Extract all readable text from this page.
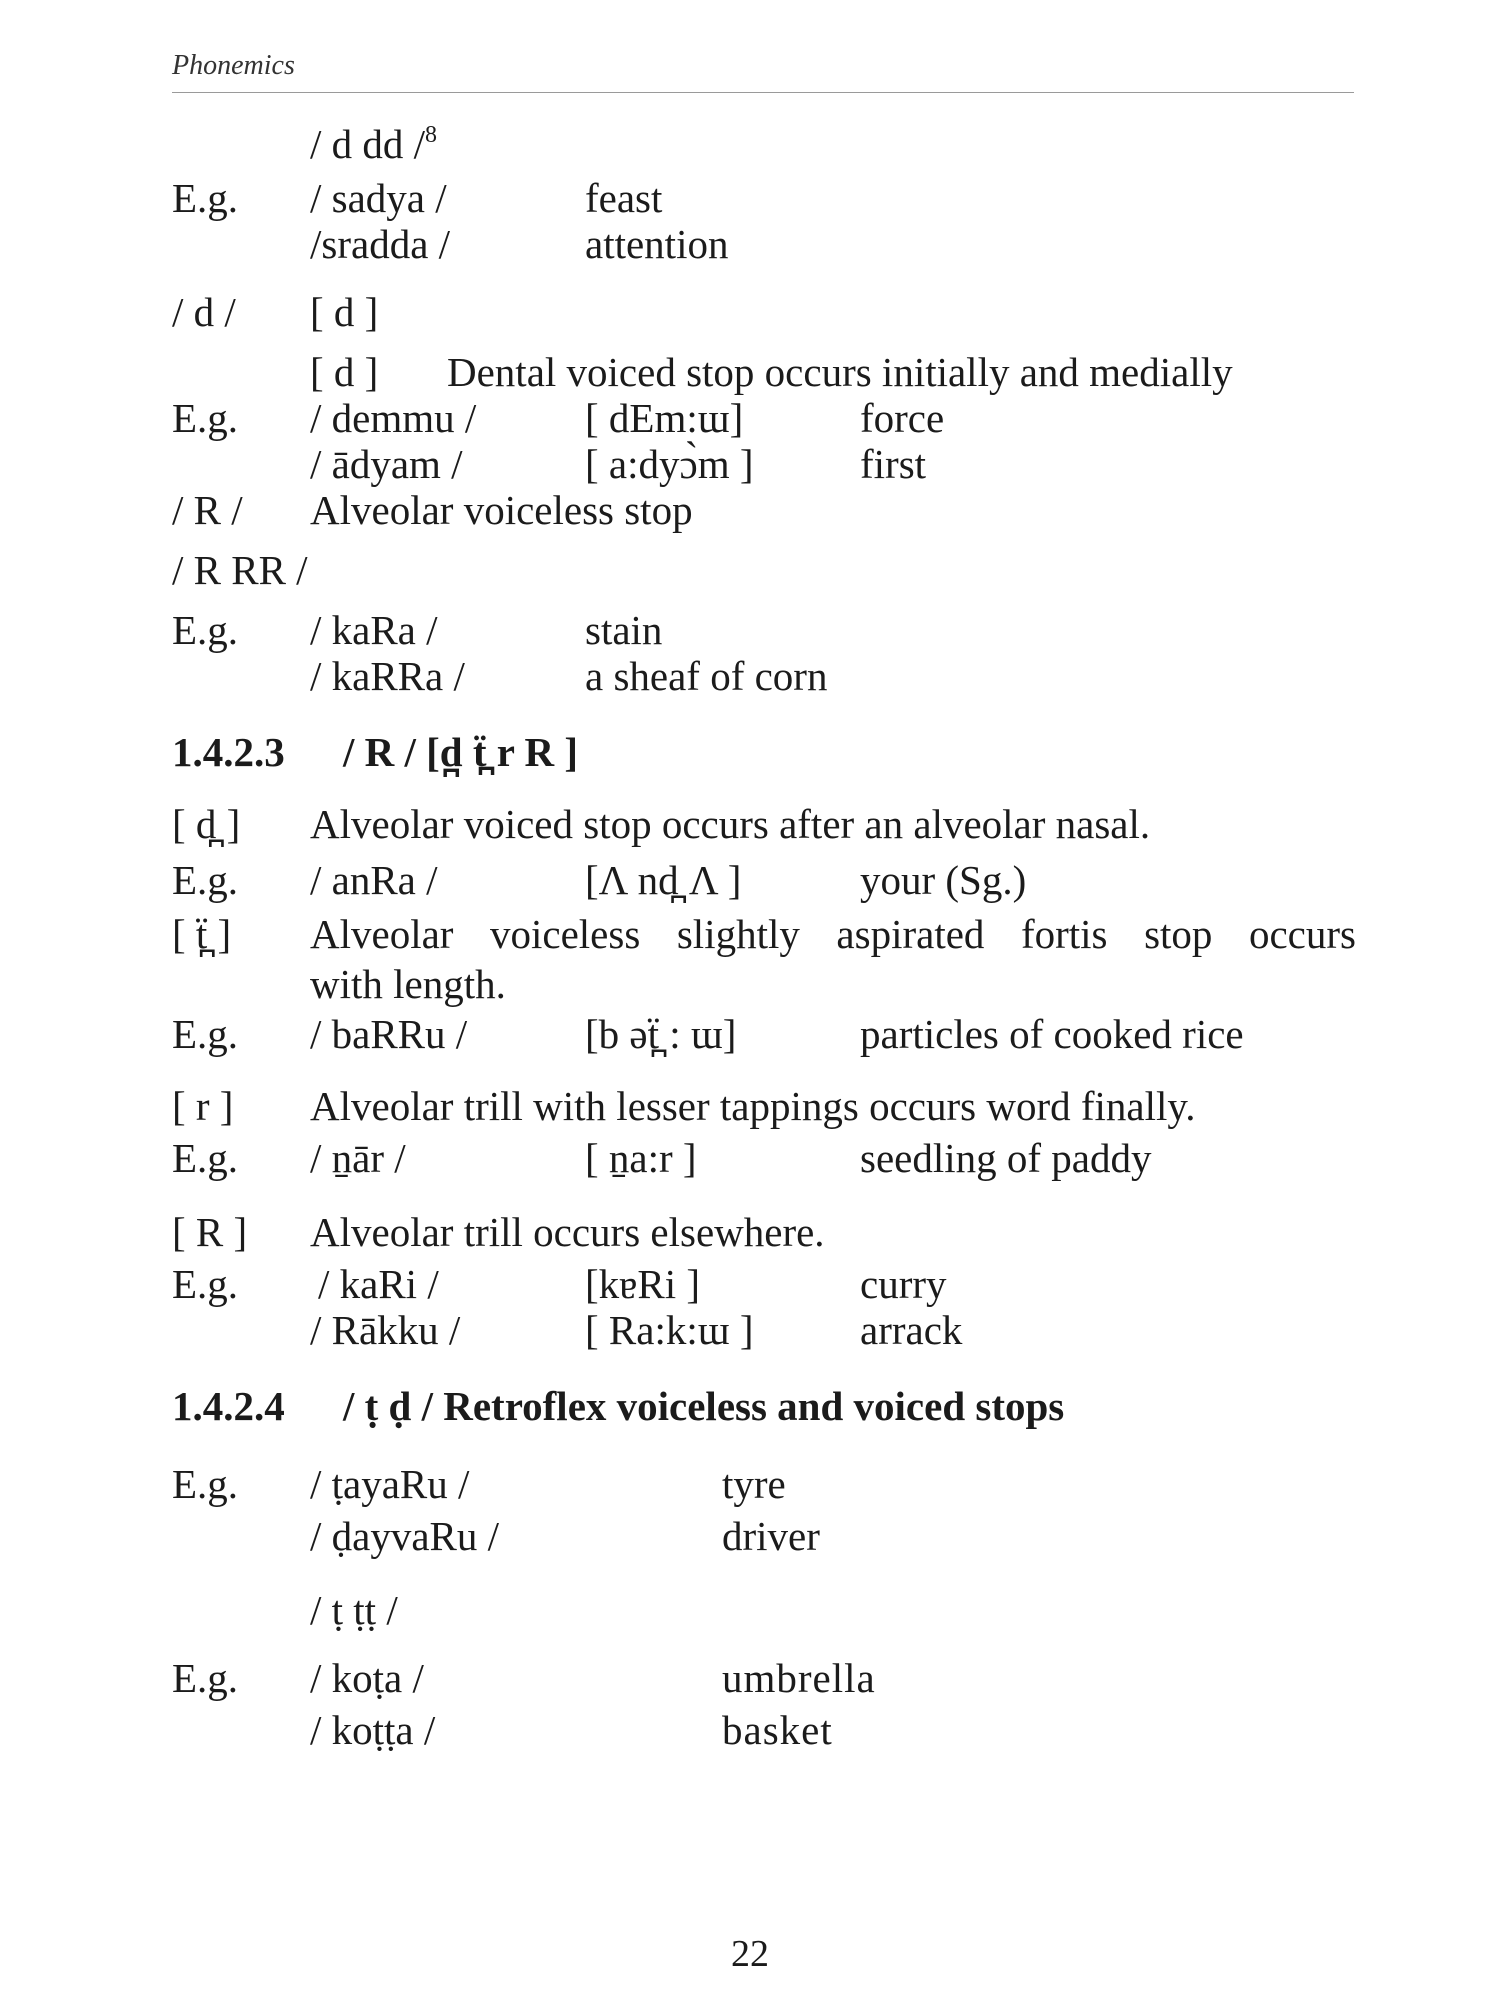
Phonemics
/ d dd /$^8$
E.g. / sadya /	feast
/sradda /	attention
/ d / [ d ]
[ d ] Dental voiced stop occurs initially and medially
E.g. / demmu /	[ dEm:ɯ]	force
/ ādyam /	[ a:dyɔ̀m ]	first
/ R / Alveolar voiceless stop
/ R RR /
E.g. / kaRa /	stain
/ kaRRa /	a sheaf of corn
1.4.2.3 / R / [d̪ ẗ̪ r R ]
[ d̪ ] Alveolar voiced stop occurs after an alveolar nasal.
E.g. / anRa /	[Λ nd̪ Λ ]	your (Sg.)
[ ẗ̪ ] Alveolar voiceless slightly aspirated fortis stop occurs
with length.
E.g. / baRRu /	[b əẗ̪ : ɯ]	particles of cooked rice
[ r ] Alveolar trill with lesser tappings occurs word finally.
E.g. / n̠ār /	[ n̠a:r ]	seedling of paddy
[ R ] Alveolar trill occurs elsewhere.
E.g. / kaRi /	[kɐRi ]	curry
/ Rākku /	[ Ra:k:ɯ ]	arrack
1.4.2.4 / ṭ ḍ / Retroflex voiceless and voiced stops
E.g. / ṭayaRu /	tyre
/ ḍayvaRu /	driver
/ ṭ ṭṭ /
E.g. / koṭa /	umbrella
/ koṭṭa /	basket
22
